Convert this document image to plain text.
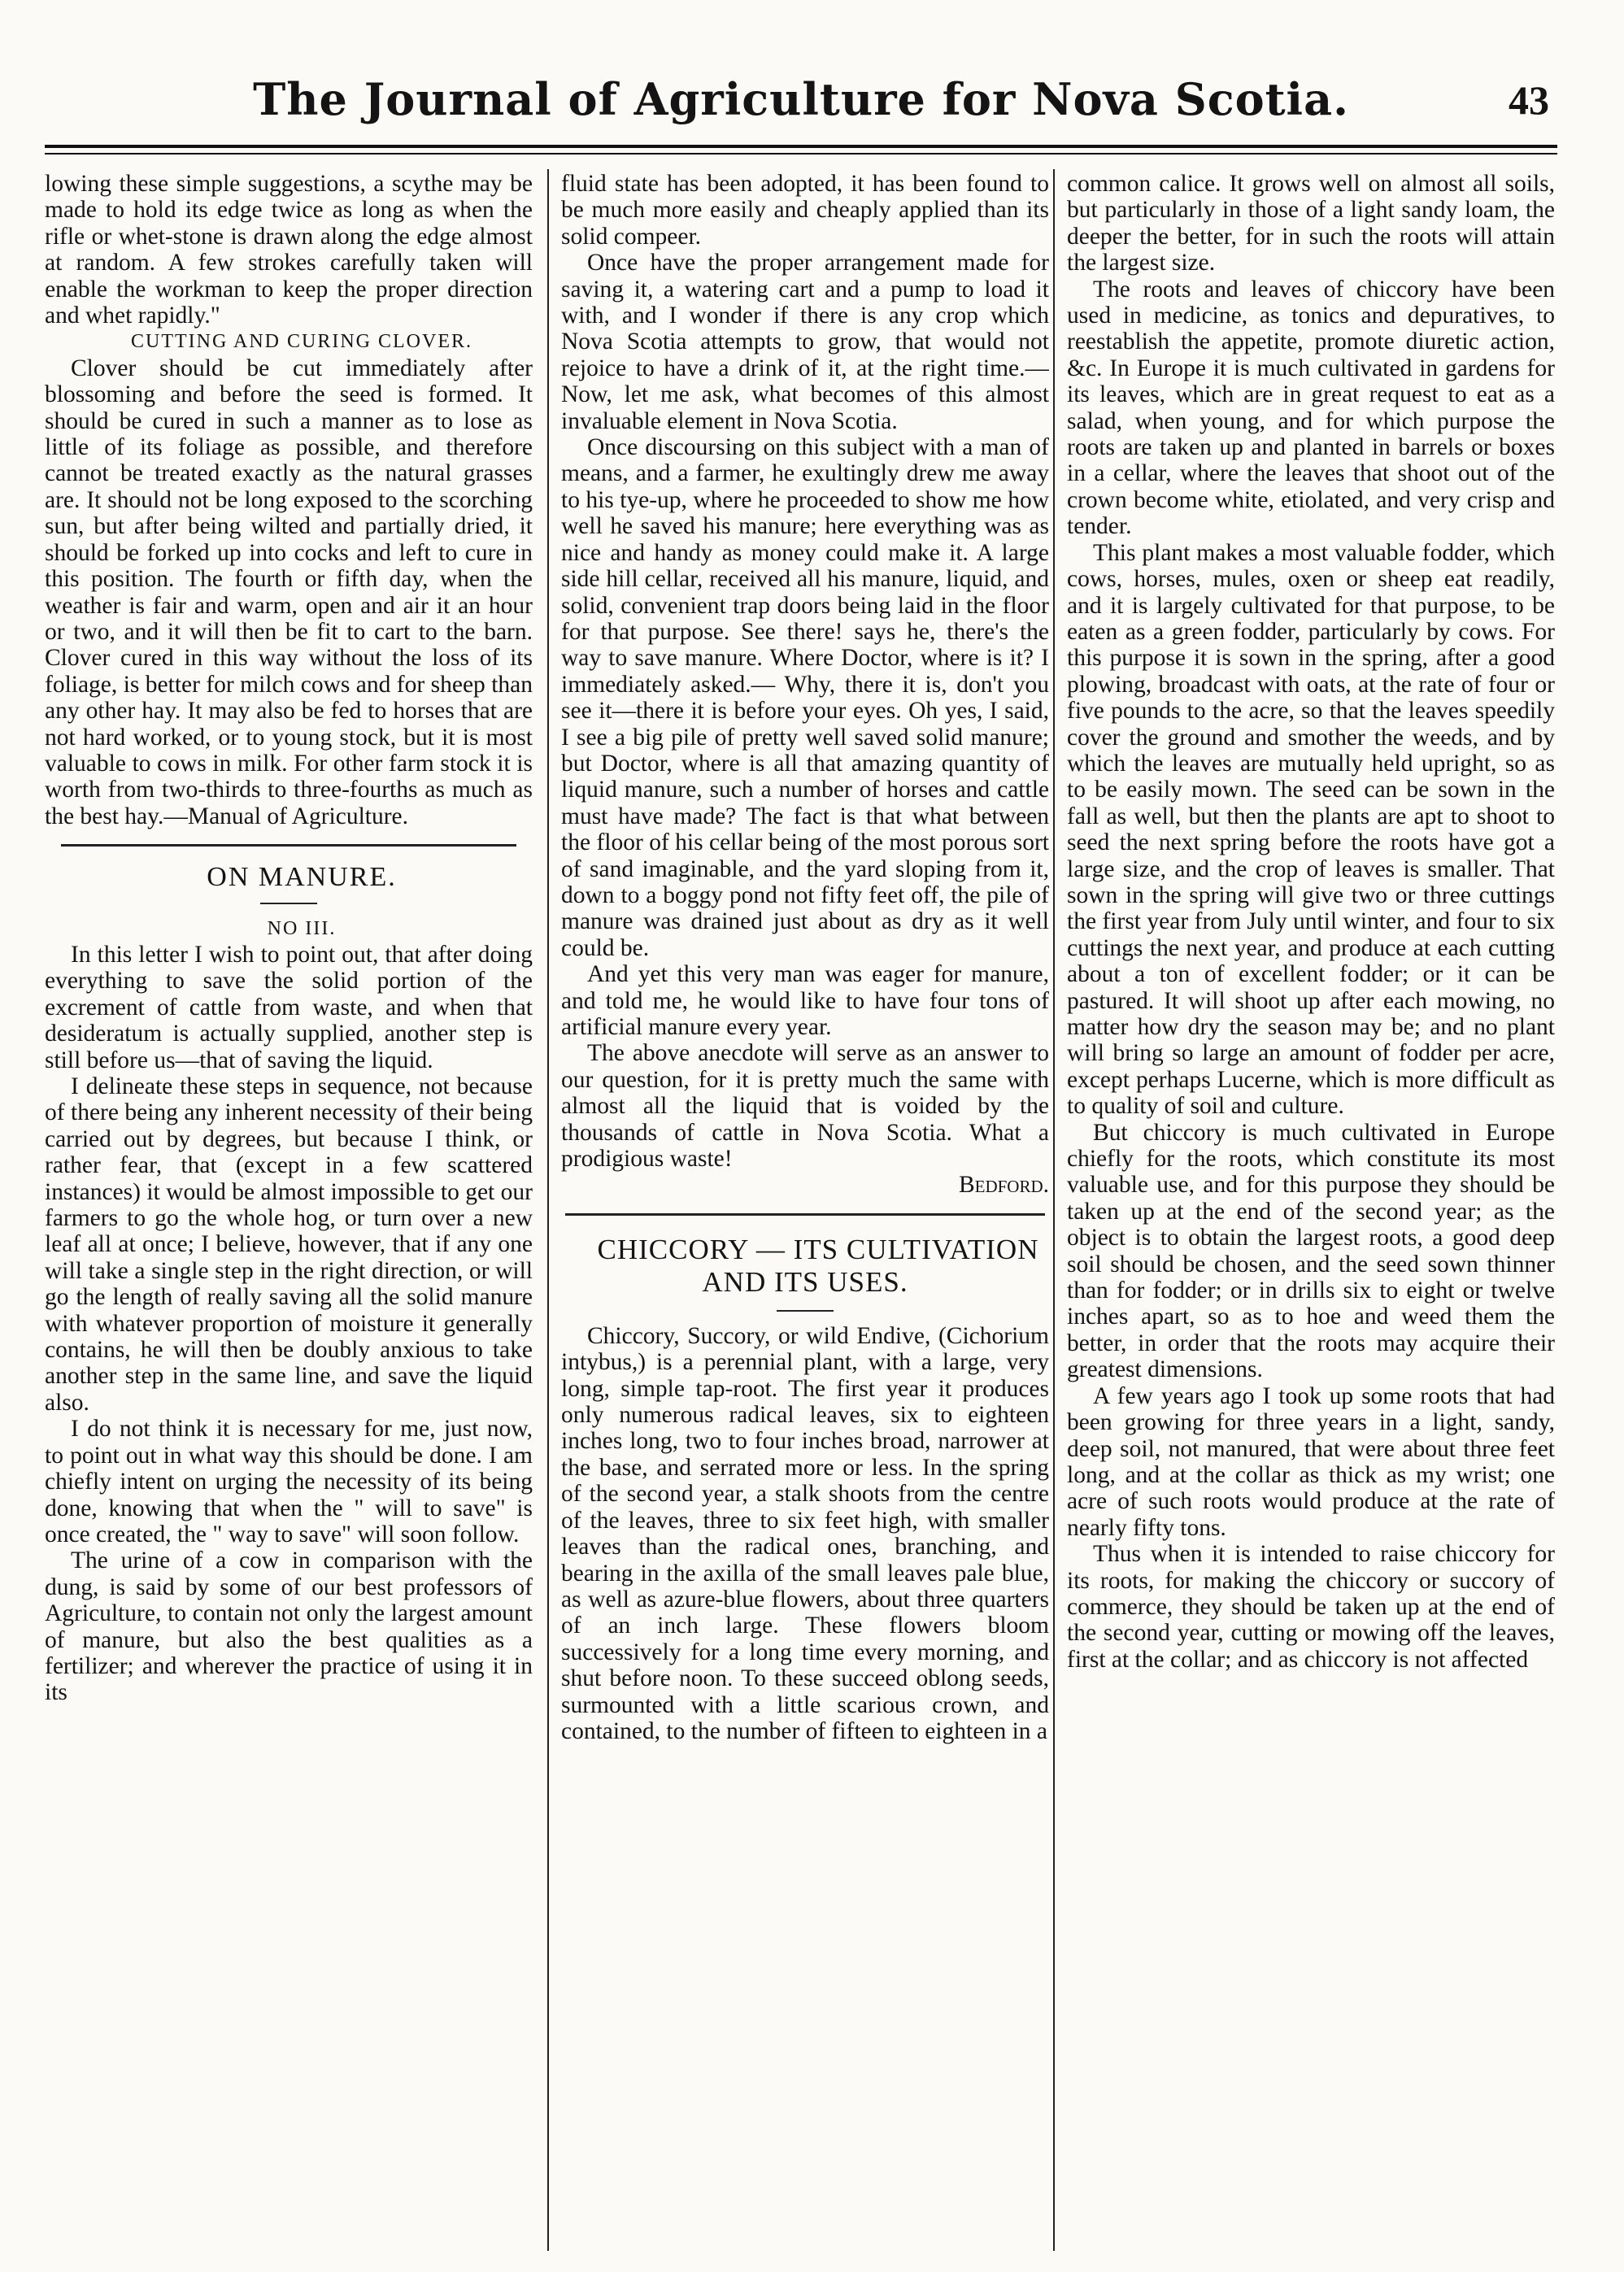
The Journal of Agriculture for Nova Scotia.	43

lowing these simple suggestions, a scythe may be made to hold its edge twice as long as when the rifle or whet-stone is drawn along the edge almost at random. A few strokes carefully taken will enable the workman to keep the proper direction and whet rapidly."

CUTTING AND CURING CLOVER.

Clover should be cut immediately after blossoming and before the seed is formed. It should be cured in such a manner as to lose as little of its foliage as possible, and therefore cannot be treated exactly as the natural grasses are. It should not be long exposed to the scorching sun, but after being wilted and partially dried, it should be forked up into cocks and left to cure in this position. The fourth or fifth day, when the weather is fair and warm, open and air it an hour or two, and it will then be fit to cart to the barn. Clover cured in this way without the loss of its foliage, is better for milch cows and for sheep than any other hay. It may also be fed to horses that are not hard worked, or to young stock, but it is most valuable to cows in milk. For other farm stock it is worth from two-thirds to three-fourths as much as the best hay.—Manual of Agriculture.

ON MANURE.

NO III.

In this letter I wish to point out, that after doing everything to save the solid portion of the excrement of cattle from waste, and when that desideratum is actually supplied, another step is still before us—that of saving the liquid.

I delineate these steps in sequence, not because of there being any inherent necessity of their being carried out by degrees, but because I think, or rather fear, that (except in a few scattered instances) it would be almost impossible to get our farmers to go the whole hog, or turn over a new leaf all at once; I believe, however, that if any one will take a single step in the right direction, or will go the length of really saving all the solid manure with whatever proportion of moisture it generally contains, he will then be doubly anxious to take another step in the same line, and save the liquid also.

I do not think it is necessary for me, just now, to point out in what way this should be done. I am chiefly intent on urging the necessity of its being done, knowing that when the " will to save" is once created, the " way to save" will soon follow.

The urine of a cow in comparison with the dung, is said by some of our best professors of Agriculture, to contain not only the largest amount of manure, but also the best qualities as a fertilizer; and wherever the practice of using it in its

fluid state has been adopted, it has been found to be much more easily and cheaply applied than its solid compeer.

Once have the proper arrangement made for saving it, a watering cart and a pump to load it with, and I wonder if there is any crop which Nova Scotia attempts to grow, that would not rejoice to have a drink of it, at the right time.— Now, let me ask, what becomes of this almost invaluable element in Nova Scotia.

Once discoursing on this subject with a man of means, and a farmer, he exultingly drew me away to his tye-up, where he proceeded to show me how well he saved his manure; here everything was as nice and handy as money could make it. A large side hill cellar, received all his manure, liquid, and solid, convenient trap doors being laid in the floor for that purpose. See there! says he, there's the way to save manure. Where Doctor, where is it? I immediately asked.— Why, there it is, don't you see it—there it is before your eyes. Oh yes, I said, I see a big pile of pretty well saved solid manure; but Doctor, where is all that amazing quantity of liquid manure, such a number of horses and cattle must have made? The fact is that what between the floor of his cellar being of the most porous sort of sand imaginable, and the yard sloping from it, down to a boggy pond not fifty feet off, the pile of manure was drained just about as dry as it well could be.

And yet this very man was eager for manure, and told me, he would like to have four tons of artificial manure every year.

The above anecdote will serve as an answer to our question, for it is pretty much the same with almost all the liquid that is voided by the thousands of cattle in Nova Scotia. What a prodigious waste!

Bedford.

CHICCORY — ITS CULTIVATION AND ITS USES.

Chiccory, Succory, or wild Endive, (Cichorium intybus,) is a perennial plant, with a large, very long, simple tap-root. The first year it produces only numerous radical leaves, six to eighteen inches long, two to four inches broad, narrower at the base, and serrated more or less. In the spring of the second year, a stalk shoots from the centre of the leaves, three to six feet high, with smaller leaves than the radical ones, branching, and bearing in the axilla of the small leaves pale blue, as well as azure-blue flowers, about three quarters of an inch large. These flowers bloom successively for a long time every morning, and shut before noon. To these succeed oblong seeds, surmounted with a little scarious crown, and contained, to the number of fifteen to eighteen in a

common calice. It grows well on almost all soils, but particularly in those of a light sandy loam, the deeper the better, for in such the roots will attain the largest size.

The roots and leaves of chiccory have been used in medicine, as tonics and depuratives, to reestablish the appetite, promote diuretic action, &c. In Europe it is much cultivated in gardens for its leaves, which are in great request to eat as a salad, when young, and for which purpose the roots are taken up and planted in barrels or boxes in a cellar, where the leaves that shoot out of the crown become white, etiolated, and very crisp and tender.

This plant makes a most valuable fodder, which cows, horses, mules, oxen or sheep eat readily, and it is largely cultivated for that purpose, to be eaten as a green fodder, particularly by cows. For this purpose it is sown in the spring, after a good plowing, broadcast with oats, at the rate of four or five pounds to the acre, so that the leaves speedily cover the ground and smother the weeds, and by which the leaves are mutually held upright, so as to be easily mown. The seed can be sown in the fall as well, but then the plants are apt to shoot to seed the next spring before the roots have got a large size, and the crop of leaves is smaller. That sown in the spring will give two or three cuttings the first year from July until winter, and four to six cuttings the next year, and produce at each cutting about a ton of excellent fodder; or it can be pastured. It will shoot up after each mowing, no matter how dry the season may be; and no plant will bring so large an amount of fodder per acre, except perhaps Lucerne, which is more difficult as to quality of soil and culture.

But chiccory is much cultivated in Europe chiefly for the roots, which constitute its most valuable use, and for this purpose they should be taken up at the end of the second year; as the object is to obtain the largest roots, a good deep soil should be chosen, and the seed sown thinner than for fodder; or in drills six to eight or twelve inches apart, so as to hoe and weed them the better, in order that the roots may acquire their greatest dimensions.

A few years ago I took up some roots that had been growing for three years in a light, sandy, deep soil, not manured, that were about three feet long, and at the collar as thick as my wrist; one acre of such roots would produce at the rate of nearly fifty tons.

Thus when it is intended to raise chiccory for its roots, for making the chiccory or succory of commerce, they should be taken up at the end of the second year, cutting or mowing off the leaves, first at the collar; and as chiccory is not affected
